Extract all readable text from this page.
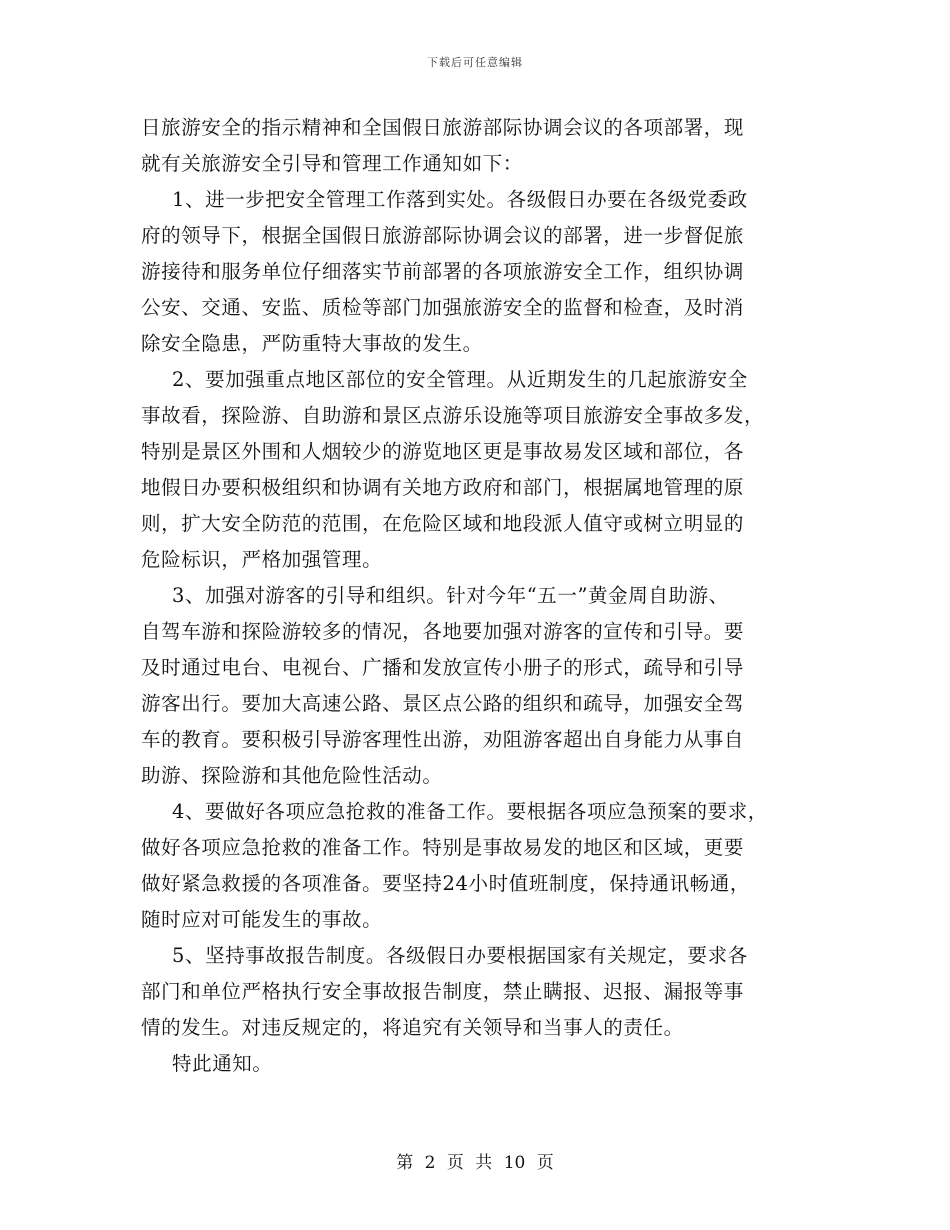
下载后可任意编辑
日旅游安全的指示精神和全国假日旅游部际协调会议的各项部署，现
就有关旅游安全引导和管理工作通知如下：
1、进一步把安全管理工作落到实处。各级假日办要在各级党委政
府的领导下，根据全国假日旅游部际协调会议的部署，进一步督促旅
游接待和服务单位仔细落实节前部署的各项旅游安全工作，组织协调
公安、交通、安监、质检等部门加强旅游安全的监督和检查，及时消
除安全隐患，严防重特大事故的发生。
2、要加强重点地区部位的安全管理。从近期发生的几起旅游安全
事故看，探险游、自助游和景区点游乐设施等项目旅游安全事故多发，
特别是景区外围和人烟较少的游览地区更是事故易发区域和部位，各
地假日办要积极组织和协调有关地方政府和部门，根据属地管理的原
则，扩大安全防范的范围，在危险区域和地段派人值守或树立明显的
危险标识，严格加强管理。
3、加强对游客的引导和组织。针对今年“五一”黄金周自助游、
自驾车游和探险游较多的情况，各地要加强对游客的宣传和引导。要
及时通过电台、电视台、广播和发放宣传小册子的形式，疏导和引导
游客出行。要加大高速公路、景区点公路的组织和疏导，加强安全驾
车的教育。要积极引导游客理性出游，劝阻游客超出自身能力从事自
助游、探险游和其他危险性活动。
4、要做好各项应急抢救的准备工作。要根据各项应急预案的要求，
做好各项应急抢救的准备工作。特别是事故易发的地区和区域，更要
做好紧急救援的各项准备。要坚持24小时值班制度，保持通讯畅通，
随时应对可能发生的事故。
5、坚持事故报告制度。各级假日办要根据国家有关规定，要求各
部门和单位严格执行安全事故报告制度，禁止瞒报、迟报、漏报等事
情的发生。对违反规定的，将追究有关领导和当事人的责任。
特此通知。
第 2 页 共 10 页
